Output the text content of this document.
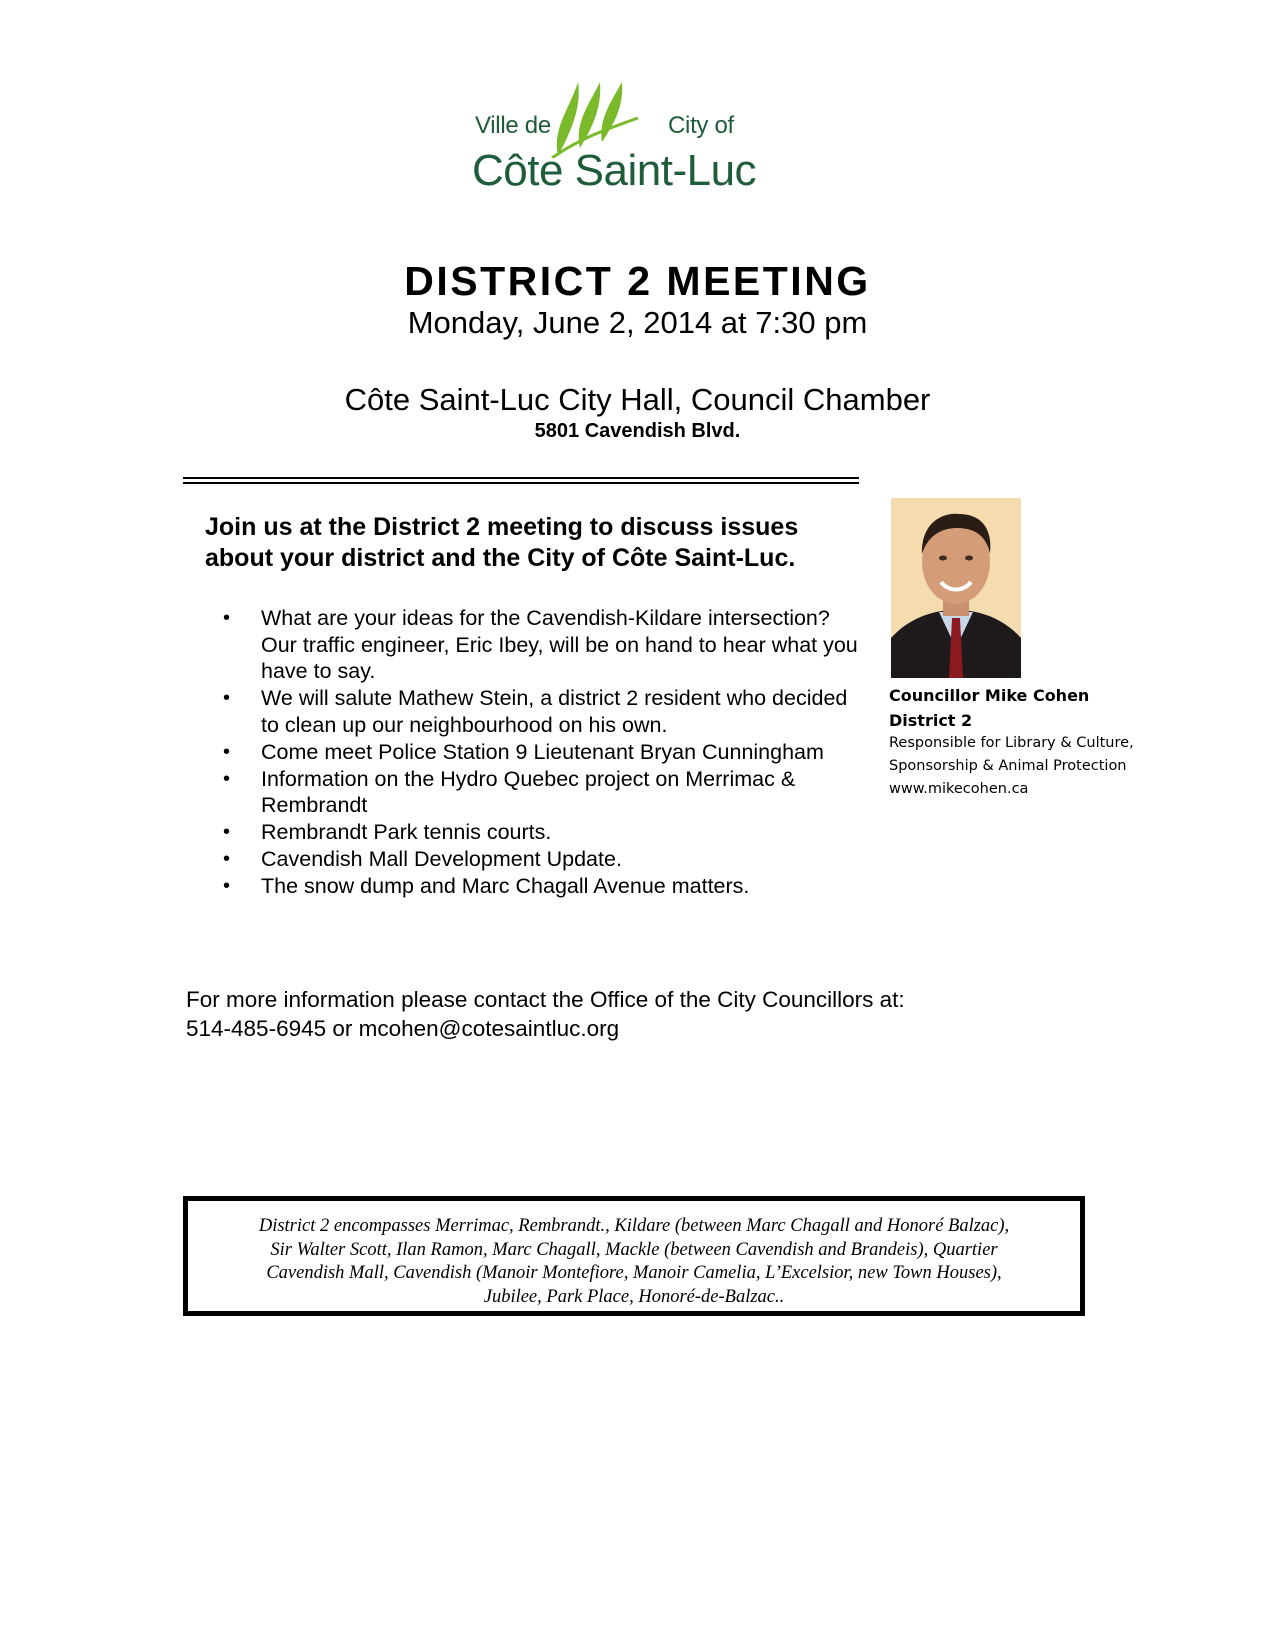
Ville de	City of
Côte Saint-Luc
DISTRICT 2 MEETING
Monday, June 2, 2014 at 7:30 pm
Côte Saint-Luc City Hall, Council Chamber
5801 Cavendish Blvd.
Join us at the District 2 meeting to discuss issues
about your district and the City of Côte Saint-Luc.
• What are your ideas for the Cavendish-Kildare intersection? Our traffic engineer, Eric Ibey, will be on hand to hear what you have to say.
• We will salute Mathew Stein, a district 2 resident who decided to clean up our neighbourhood on his own.
• Come meet Police Station 9 Lieutenant Bryan Cunningham
• Information on the Hydro Quebec project on Merrimac & Rembrandt
• Rembrandt Park tennis courts.
• Cavendish Mall Development Update.
• The snow dump and Marc Chagall Avenue matters.
Councillor Mike Cohen
District 2
Responsible for Library & Culture,
Sponsorship & Animal Protection
www.mikecohen.ca
For more information please contact the Office of the City Councillors at:
514-485-6945 or mcohen@cotesaintluc.org
District 2 encompasses Merrimac, Rembrandt., Kildare (between Marc Chagall and Honoré Balzac),
Sir Walter Scott, Ilan Ramon, Marc Chagall, Mackle (between Cavendish and Brandeis), Quartier
Cavendish Mall, Cavendish (Manoir Montefiore, Manoir Camelia, L’Excelsior, new Town Houses),
Jubilee, Park Place, Honoré-de-Balzac..
